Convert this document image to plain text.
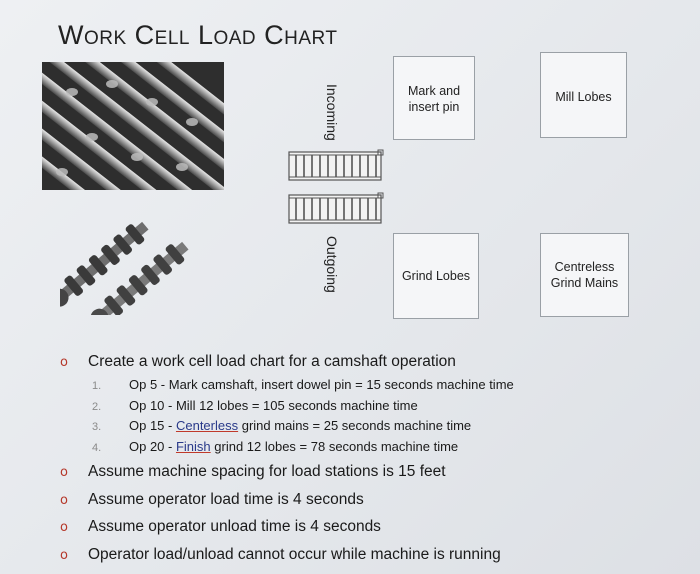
Work Cell Load Chart
Incoming
Outgoing
Mark and insert pin
Mill Lobes
Grind Lobes
Centreless Grind Mains
o	Create a work cell load chart for a camshaft operation
1.	Op 5 - Mark camshaft, insert dowel pin = 15 seconds machine time
2.	Op 10 - Mill 12 lobes = 105 seconds machine time
3.	Op 15 - Centerless grind mains = 25 seconds machine time
4.	Op 20 - Finish grind 12 lobes = 78 seconds machine time
o	Assume machine spacing for load stations is 15 feet
o	Assume operator load time is 4 seconds
o	Assume operator unload time is 4 seconds
o	Operator load/unload cannot occur while machine is running
